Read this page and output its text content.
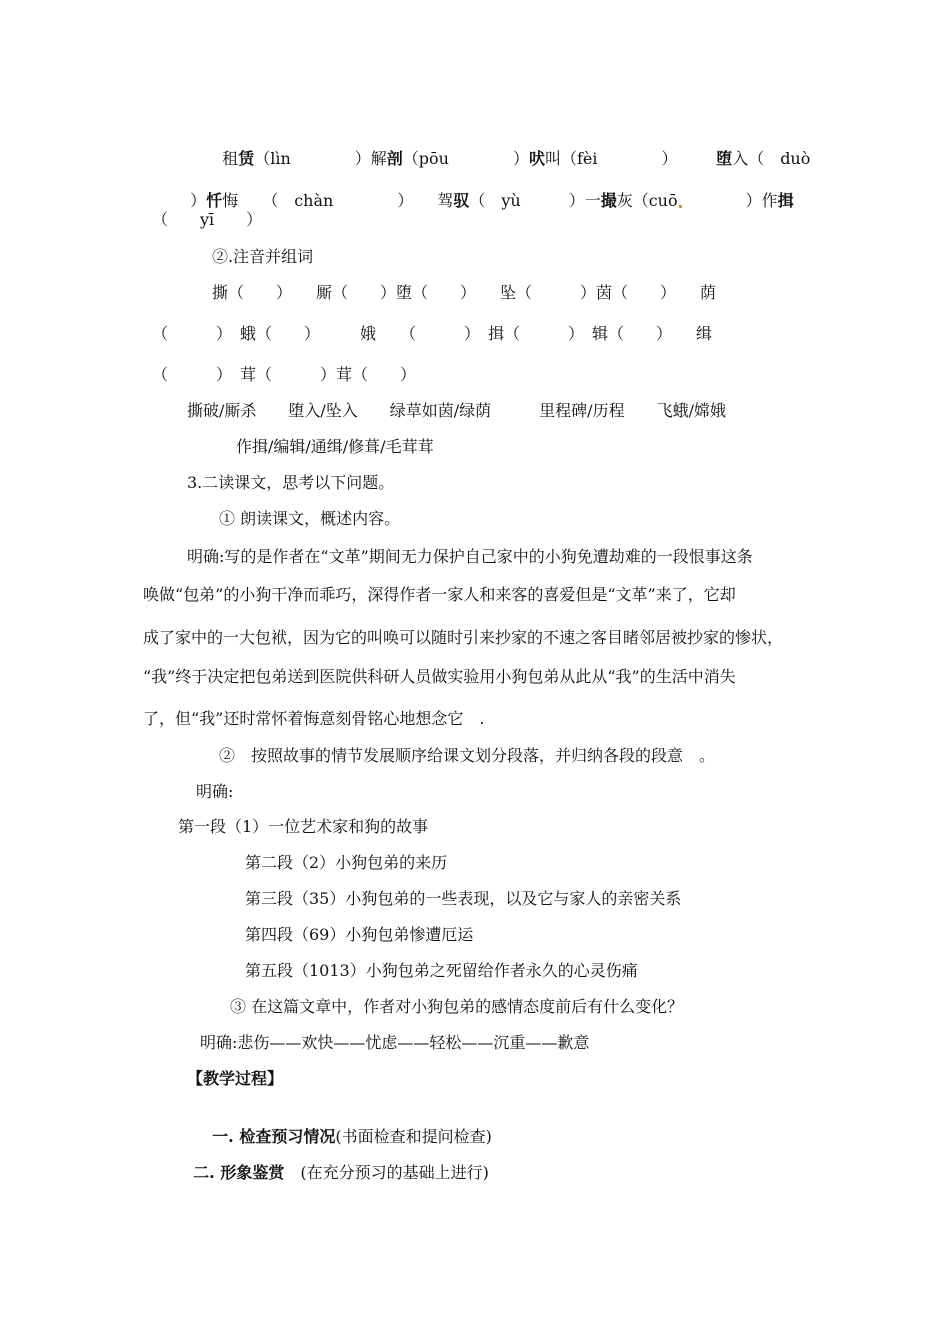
租赁（lìn　　　　）解剖（pōu　　　　）吠叫（fèi　　　　）	堕入（　duò

）忏悔　　（　chàn　　　　）　　驾驭（　yù　　　）一撮灰（cuō　　　　）作揖

（　　yī　　）
②.注音并组词
撕（　　）　　厮（　　）堕（　　）　　坠（　　　）茵（　　）　　荫
（　　　）　蛾（　　）　　　娥　　（　　　）　揖（　　　）　辑（　　）　　缉
（　　　）　茸（　　　）茸（　　）
撕破/厮杀　　堕入/坠入　　绿草如茵/绿荫　　　里程碑/历程　　飞蛾/嫦娥
作揖/编辑/通缉/修葺/毛茸茸
3.二读课文，思考以下问题。
① 朗读课文，概述内容。
明确:写的是作者在“文革”期间无力保护自己家中的小狗免遭劫难的一段恨事这条
唤做“包弟”的小狗干净而乖巧，深得作者一家人和来客的喜爱但是“文革”来了，它却
成了家中的一大包袱，因为它的叫唤可以随时引来抄家的不速之客目睹邻居被抄家的惨状，
“我”终于决定把包弟送到医院供科研人员做实验用小狗包弟从此从“我”的生活中消失
了，但“我”还时常怀着悔意刻骨铭心地想念它　.
②　按照故事的情节发展顺序给课文划分段落，并归纳各段的段意　。
明确:
第一段（1）一位艺术家和狗的故事
第二段（2）小狗包弟的来历
第三段（35）小狗包弟的一些表现，以及它与家人的亲密关系
第四段（69）小狗包弟惨遭厄运
第五段（1013）小狗包弟之死留给作者永久的心灵伤痛
③ 在这篇文章中，作者对小狗包弟的感情态度前后有什么变化？
明确:悲伤——欢快——忧虑——轻松——沉重——歉意
【教学过程】

一. 检查预习情况(书面检查和提问检查)

二. 形象鉴赏　(在充分预习的基础上进行)
